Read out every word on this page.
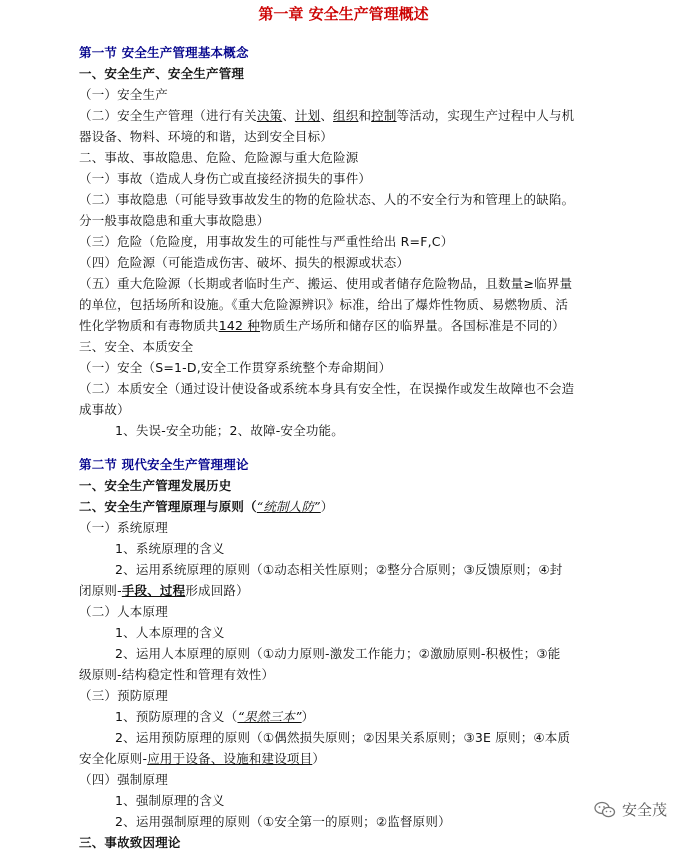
第一章 安全生产管理概述
第一节 安全生产管理基本概念
一、安全生产、安全生产管理
（一）安全生产
（二）安全生产管理（进行有关决策、计划、组织和控制等活动，实现生产过程中人与机
器设备、物料、环境的和谐，达到安全目标）
二、事故、事故隐患、危险、危险源与重大危险源
（一）事故（造成人身伤亡或直接经济损失的事件）
（二）事故隐患（可能导致事故发生的物的危险状态、人的不安全行为和管理上的缺陷。
分一般事故隐患和重大事故隐患）
（三）危险（危险度，用事故发生的可能性与严重性给出 R=F,C）
（四）危险源（可能造成伤害、破坏、损失的根源或状态）
（五）重大危险源（长期或者临时生产、搬运、使用或者储存危险物品，且数量≥临界量
的单位，包括场所和设施。《重大危险源辨识》标准，给出了爆炸性物质、易燃物质、活
性化学物质和有毒物质共142 种物质生产场所和储存区的临界量。各国标准是不同的）
三、安全、本质安全
（一）安全（S=1-D,安全工作贯穿系统整个寿命期间）
（二）本质安全（通过设计使设备或系统本身具有安全性，在误操作或发生故障也不会造
成事故）
1、失误-安全功能；2、故障-安全功能。
第二节 现代安全生产管理理论
一、安全生产管理发展历史
二、安全生产管理原理与原则（“统制人防”）
（一）系统原理
1、系统原理的含义
2、运用系统原理的原则（①动态相关性原则；②整分合原则；③反馈原则；④封
闭原则-手段、过程形成回路）
（二）人本原理
1、人本原理的含义
2、运用人本原理的原则（①动力原则-激发工作能力；②激励原则-积极性；③能
级原则-结构稳定性和管理有效性）
（三）预防原理
1、预防原理的含义（“果然三本”）
2、运用预防原理的原则（①偶然损失原则；②因果关系原则；③3E 原则；④本质
安全化原则-应用于设备、设施和建设项目）
（四）强制原理
1、强制原理的含义
2、运用强制原理的原则（①安全第一的原则；②监督原则）
三、事故致因理论
安全茂
